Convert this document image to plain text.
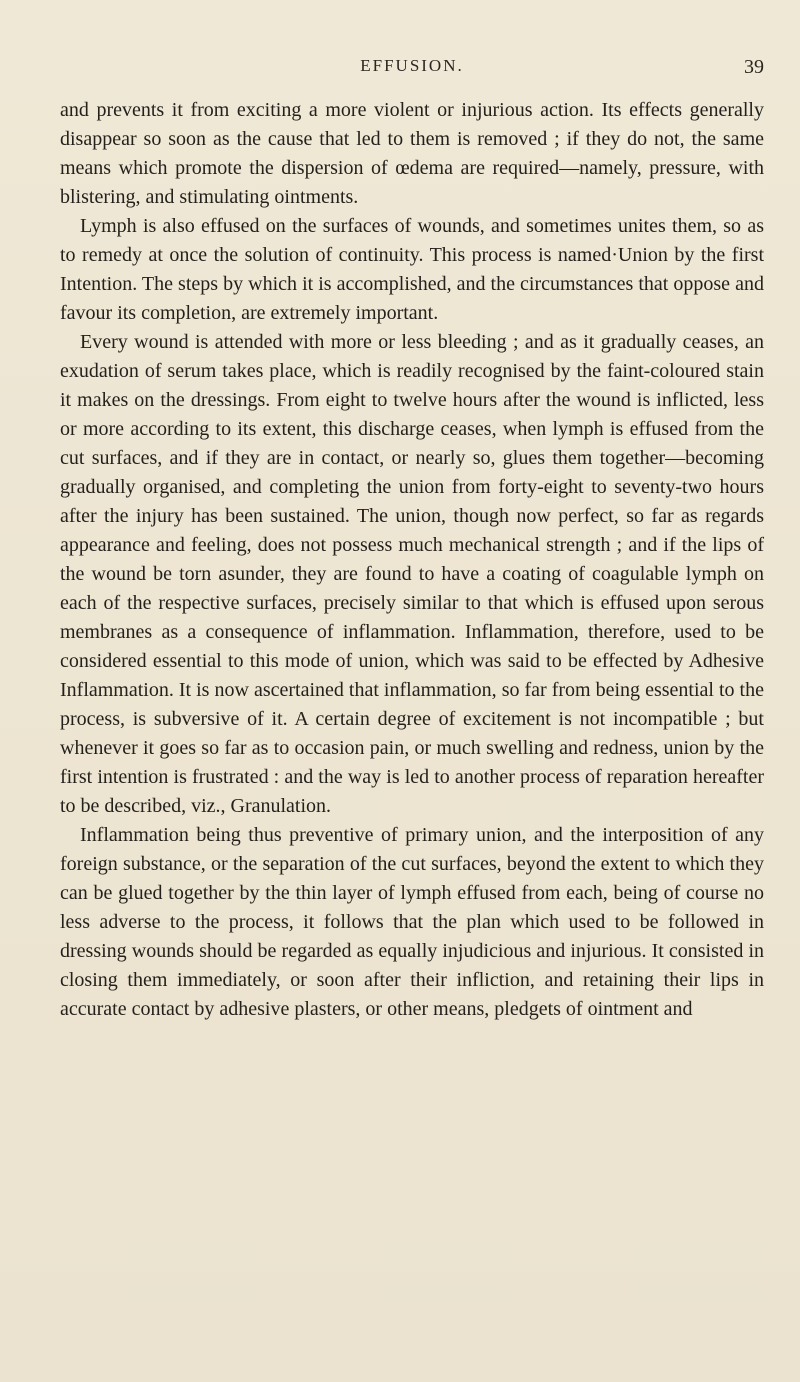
EFFUSION.	39

and prevents it from exciting a more violent or injurious action. Its effects generally disappear so soon as the cause that led to them is removed ; if they do not, the same means which promote the dispersion of œdema are required—namely, pressure, with blistering, and stimulating ointments.

Lymph is also effused on the surfaces of wounds, and sometimes unites them, so as to remedy at once the solution of continuity. This process is named·Union by the first Intention. The steps by which it is accomplished, and the circumstances that oppose and favour its completion, are extremely important.

Every wound is attended with more or less bleeding ; and as it gradually ceases, an exudation of serum takes place, which is readily recognised by the faint-coloured stain it makes on the dressings. From eight to twelve hours after the wound is inflicted, less or more according to its extent, this discharge ceases, when lymph is effused from the cut surfaces, and if they are in contact, or nearly so, glues them together—becoming gradually organised, and completing the union from forty-eight to seventy-two hours after the injury has been sustained. The union, though now perfect, so far as regards appearance and feeling, does not possess much mechanical strength ; and if the lips of the wound be torn asunder, they are found to have a coating of coagulable lymph on each of the respective surfaces, precisely similar to that which is effused upon serous membranes as a consequence of inflammation. Inflammation, therefore, used to be considered essential to this mode of union, which was said to be effected by Adhesive Inflammation. It is now ascertained that inflammation, so far from being essential to the process, is subversive of it. A certain degree of excitement is not incompatible ; but whenever it goes so far as to occasion pain, or much swelling and redness, union by the first intention is frustrated : and the way is led to another process of reparation hereafter to be described, viz., Granulation.

Inflammation being thus preventive of primary union, and the interposition of any foreign substance, or the separation of the cut surfaces, beyond the extent to which they can be glued together by the thin layer of lymph effused from each, being of course no less adverse to the process, it follows that the plan which used to be followed in dressing wounds should be regarded as equally injudicious and injurious. It consisted in closing them immediately, or soon after their infliction, and retaining their lips in accurate contact by adhesive plasters, or other means, pledgets of ointment and
